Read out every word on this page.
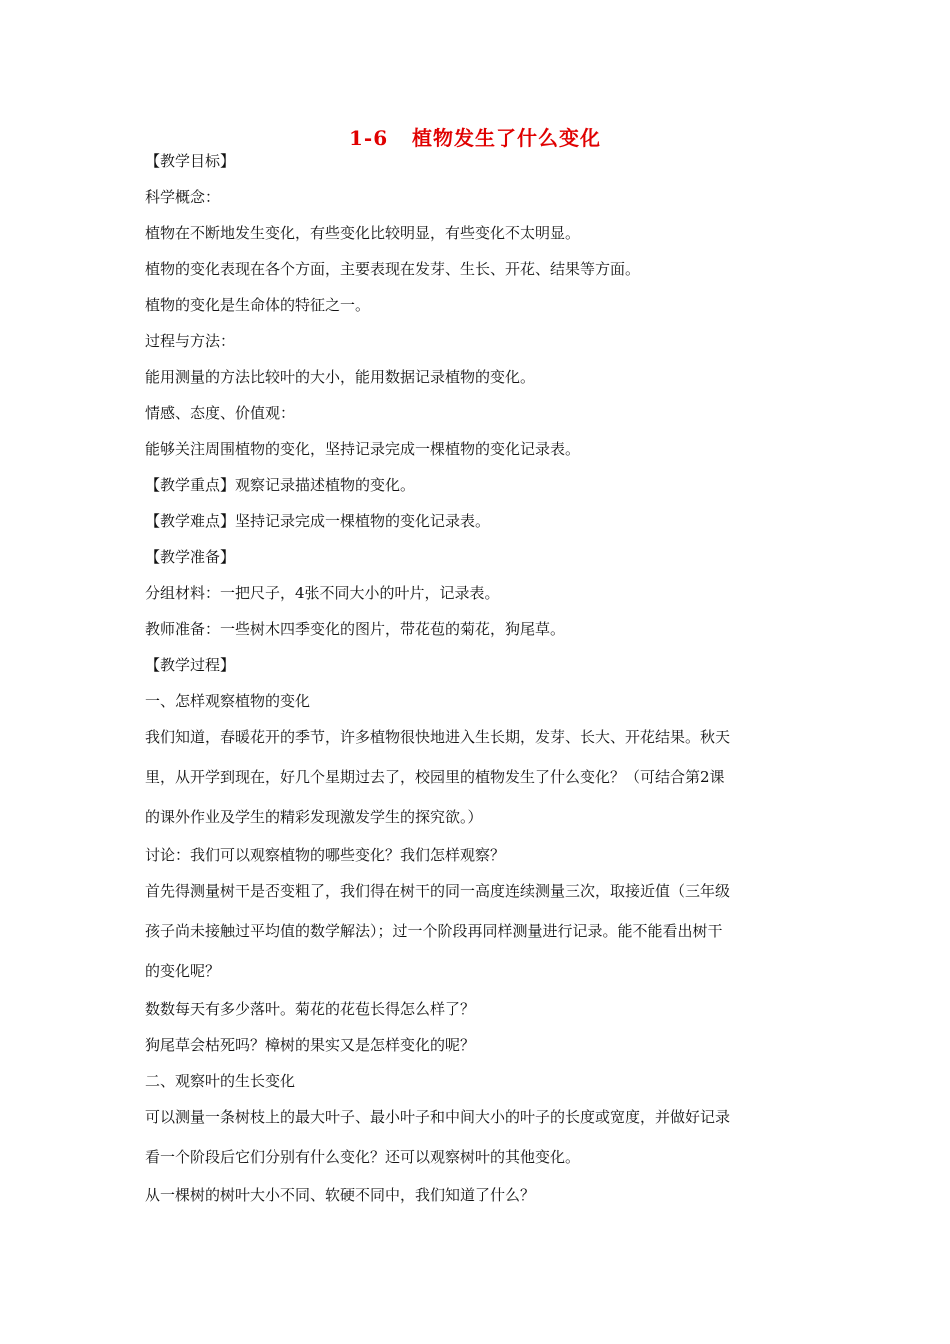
1-6   植物发生了什么变化
【教学目标】
科学概念：
植物在不断地发生变化，有些变化比较明显，有些变化不太明显。
植物的变化表现在各个方面，主要表现在发芽、生长、开花、结果等方面。
植物的变化是生命体的特征之一。
过程与方法：
能用测量的方法比较叶的大小，能用数据记录植物的变化。
情感、态度、价值观：
能够关注周围植物的变化，坚持记录完成一棵植物的变化记录表。
【教学重点】观察记录描述植物的变化。
【教学难点】坚持记录完成一棵植物的变化记录表。
【教学准备】
分组材料：一把尺子，4张不同大小的叶片，记录表。
教师准备：一些树木四季变化的图片，带花苞的菊花，狗尾草。
【教学过程】
一、怎样观察植物的变化
我们知道，春暖花开的季节，许多植物很快地进入生长期，发芽、长大、开花结果。秋天
里，从开学到现在，好几个星期过去了，校园里的植物发生了什么变化？（可结合第2课
的课外作业及学生的精彩发现激发学生的探究欲。）
讨论：我们可以观察植物的哪些变化？我们怎样观察？
首先得测量树干是否变粗了，我们得在树干的同一高度连续测量三次，取接近值（三年级
孩子尚未接触过平均值的数学解法）；过一个阶段再同样测量进行记录。能不能看出树干
的变化呢？
数数每天有多少落叶。菊花的花苞长得怎么样了？
狗尾草会枯死吗？樟树的果实又是怎样变化的呢？
二、观察叶的生长变化
可以测量一条树枝上的最大叶子、最小叶子和中间大小的叶子的长度或宽度，并做好记录
看一个阶段后它们分别有什么变化？还可以观察树叶的其他变化。
从一棵树的树叶大小不同、软硬不同中，我们知道了什么？
